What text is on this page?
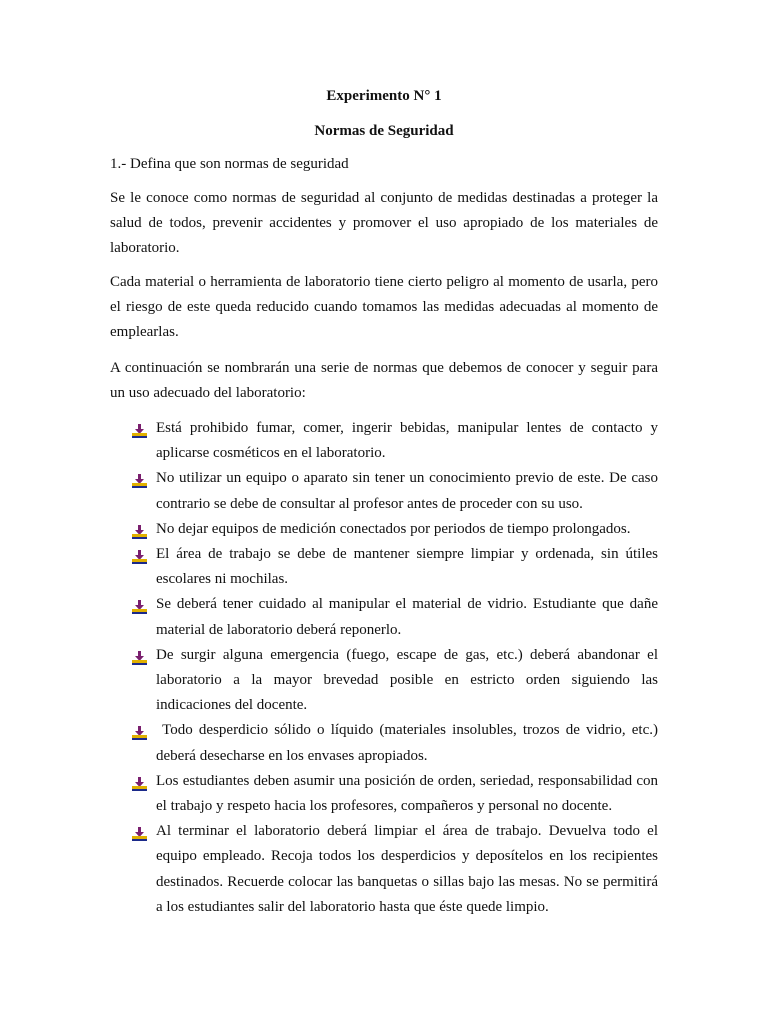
Experimento N° 1
Normas de Seguridad
1.- Defina que son normas de seguridad
Se le conoce como normas de seguridad al conjunto de medidas destinadas a proteger la salud de todos, prevenir accidentes y promover el uso apropiado de los materiales de laboratorio.
Cada material o herramienta de laboratorio tiene cierto peligro al momento de usarla, pero el riesgo de este queda reducido cuando tomamos las medidas adecuadas al momento de emplearlas.
A continuación se nombrarán una serie de normas que debemos de conocer y seguir para un uso adecuado del laboratorio:
Está prohibido fumar, comer, ingerir bebidas, manipular lentes de contacto y aplicarse cosméticos en el laboratorio.
No utilizar un equipo o aparato sin tener un conocimiento previo de este. De caso contrario se debe de consultar al profesor antes de proceder con su uso.
No dejar equipos de medición conectados por periodos de tiempo prolongados.
El área de trabajo se debe de mantener siempre limpiar y ordenada, sin útiles escolares ni mochilas.
Se deberá tener cuidado al manipular el material de vidrio. Estudiante que dañe material de laboratorio deberá reponerlo.
De surgir alguna emergencia (fuego, escape de gas, etc.) deberá abandonar el laboratorio a la mayor brevedad posible en estricto orden siguiendo las indicaciones del docente.
Todo desperdicio sólido o líquido (materiales insolubles, trozos de vidrio, etc.) deberá desecharse en los envases apropiados.
Los estudiantes deben asumir una posición de orden, seriedad, responsabilidad con el trabajo y respeto hacia los profesores, compañeros y personal no docente.
Al terminar el laboratorio deberá limpiar el área de trabajo. Devuelva todo el equipo empleado. Recoja todos los desperdicios y deposítelos en los recipientes destinados. Recuerde colocar las banquetas o sillas bajo las mesas. No se permitirá a los estudiantes salir del laboratorio hasta que éste quede limpio.
